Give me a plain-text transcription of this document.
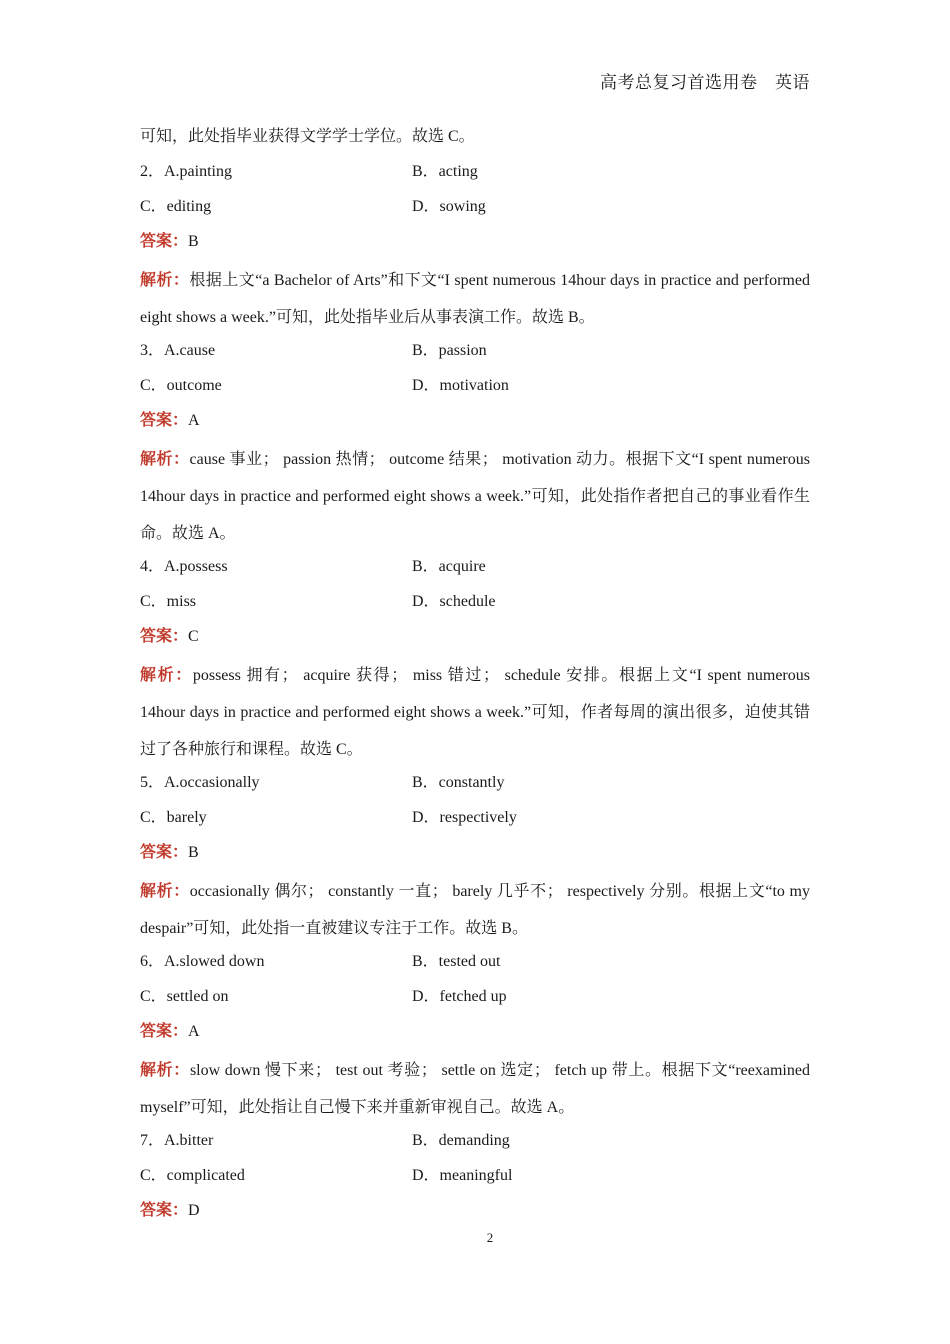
高考总复习首选用卷　英语
可知，此处指毕业获得文学学士学位。故选 C。
2．A.painting	B．acting
C．editing	D．sowing
答案：B
解析：根据上文“a Bachelor of Arts”和下文“I spent numerous 14hour days in practice and performed eight shows a week.”可知，此处指毕业后从事表演工作。故选 B。
3．A.cause	B．passion
C．outcome	D．motivation
答案：A
解析：cause 事业； passion 热情； outcome 结果； motivation 动力。根据下文“I spent numerous 14hour days in practice and performed eight shows a week.”可知，此处指作者把自己的事业看作生命。故选 A。
4．A.possess	B．acquire
C．miss	D．schedule
答案：C
解析：possess 拥有； acquire 获得； miss 错过； schedule 安排。根据上文“I spent numerous 14hour days in practice and performed eight shows a week.”可知，作者每周的演出很多，迫使其错过了各种旅行和课程。故选 C。
5．A.occasionally	B．constantly
C．barely	D．respectively
答案：B
解析：occasionally 偶尔； constantly 一直； barely 几乎不； respectively 分别。根据上文“to my despair”可知，此处指一直被建议专注于工作。故选 B。
6．A.slowed down	B．tested out
C．settled on	D．fetched up
答案：A
解析：slow down 慢下来； test out 考验； settle on 选定； fetch up 带上。根据下文“reexamined myself”可知，此处指让自己慢下来并重新审视自己。故选 A。
7．A.bitter	B．demanding
C．complicated	D．meaningful
答案：D
2
